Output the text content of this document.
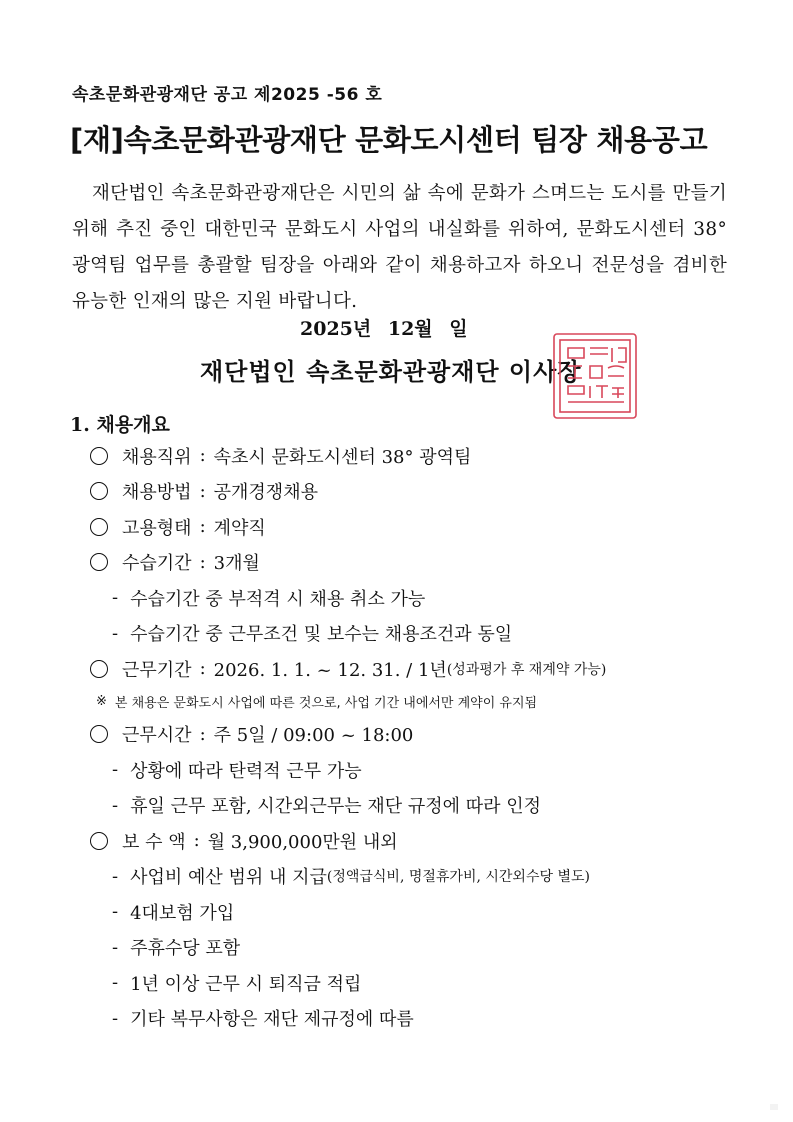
속초문화관광재단 공고 제2025 -56 호
[재]속초문화관광재단 문화도시센터 팀장 채용공고
재단법인 속초문화관광재단은 시민의 삶 속에 문화가 스며드는 도시를 만들기 위해 추진 중인 대한민국 문화도시 사업의 내실화를 위하여, 문화도시센터 38° 광역팀 업무를 총괄할 팀장을 아래와 같이 채용하고자 하오니 전문성을 겸비한 유능한 인재의 많은 지원 바랍니다.
2025년 12월 일
재단법인 속초문화관광재단 이사장
1. 채용개요
채용직위 : 속초시 문화도시센터 38° 광역팀
채용방법 : 공개경쟁채용
고용형태 : 계약직
수습기간 : 3개월
- 수습기간 중 부적격 시 채용 취소 가능
- 수습기간 중 근무조건 및 보수는 채용조건과 동일
근무기간 : 2026. 1. 1. ~ 12. 31. / 1년 (성과평가 후 재계약 가능)
※ 본 채용은 문화도시 사업에 따른 것으로, 사업 기간 내에서만 계약이 유지됨
근무시간 : 주 5일 / 09:00 ~ 18:00
- 상황에 따라 탄력적 근무 가능
- 휴일 근무 포함, 시간외근무는 재단 규정에 따라 인정
보 수 액 : 월 3,900,000만원 내외
- 사업비 예산 범위 내 지급 (정액급식비, 명절휴가비, 시간외수당 별도)
- 4대보험 가입
- 주휴수당 포함
- 1년 이상 근무 시 퇴직금 적립
- 기타 복무사항은 재단 제규정에 따름
